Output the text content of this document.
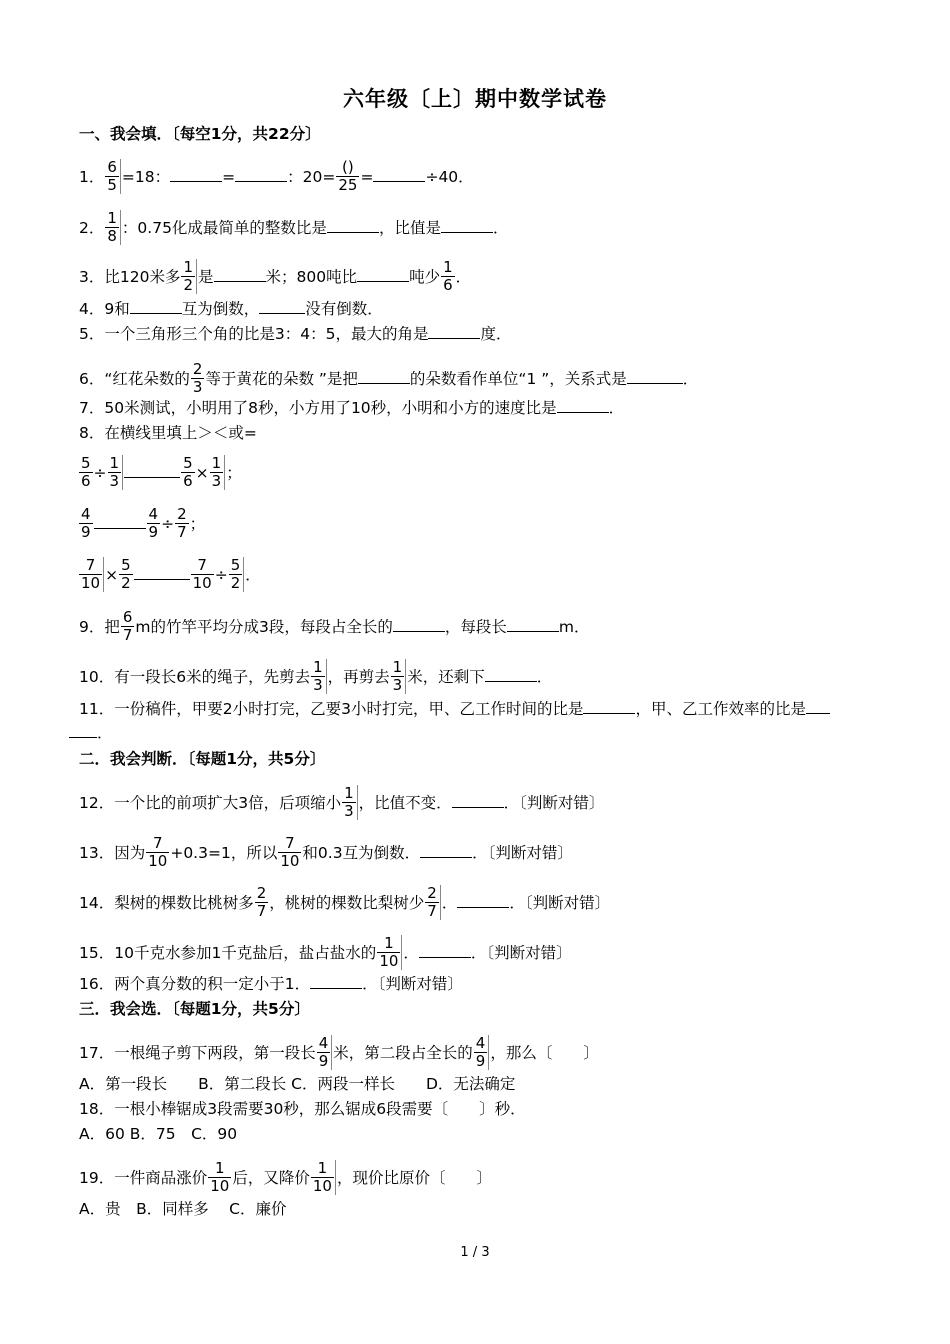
六年级〔上〕期中数学试卷
一、我会填．〔每空1分，共22分〕
1． $\frac{6}{5} =18$：	=	：20=
()
25 =	÷40．
2． $\frac{1}{8}$ ：0.75化成最简单的整数比是	，比值是	．
3．比120米多 $\frac{1}{2}$ 是	米；800吨比	吨少 $\frac{1}{6}$ ．
4．9和	互为倒数，	没有倒数．
5．一个三角形三个角的比是3：4：5，最大的角是	度．
6．“红花朵数的 $\frac{2}{3}$ 等于黄花的朵数 ”是把	的朵数看作单位“1 ”，关系式是	．
7．50米测试，小明用了8秒，小方用了10秒，小明和小方的速度比是	．
8．在横线里填上＞＜或=
$\frac{5}{6} \div \frac{1}{3}$	$\frac{5}{6} \times \frac{1}{3}$ ；
$\frac{4}{9}$	$\frac{4}{9} \div \frac{2}{7}$ ；
$\frac{7}{10} \times \frac{5}{2}$	$\frac{7}{10} \div \frac{5}{2}$ ．
9．把 $\frac{6}{7}$ m的竹竿平均分成3段，每段占全长的	，每段长	m．
10．有一段长6米的绳子，先剪去 $\frac{1}{3}$ ，再剪去 $\frac{1}{3}$ 米，还剩下	．
11．一份稿件，甲要2小时打完，乙要3小时打完，甲、乙工作时间的比是	，甲、乙工作效率的比是
．
二．我会判断．〔每题1分，共5分〕
12．一个比的前项扩大3倍，后项缩小 $\frac{1}{3}$ ，比值不变．	．〔判断对错〕
13．因为 $\frac{7}{10} +0.3=1$，所以 $\frac{7}{10}$ 和0.3互为倒数．	．〔判断对错〕
14．梨树的棵数比桃树多 $\frac{2}{7}$ ，桃树的棵数比梨树少 $\frac{2}{7}$ ．	．〔判断对错〕
15．10千克水参加1千克盐后，盐占盐水的 $\frac{1}{10}$ ．	．〔判断对错〕
16．两个真分数的积一定小于1．	．〔判断对错〕
三．我会选．〔每题1分，共5分〕
17．一根绳子剪下两段，第一段长 $\frac{4}{9}$ 米，第二段占全长的 $\frac{4}{9}$ ，那么〔　　〕
A．第一段长　　B．第二段长 C．两段一样长　　D．无法确定
18．一根小棒锯成3段需要30秒，那么锯成6段需要〔　　〕秒．
A．60 B．75　C．90
19．一件商品涨价 $\frac{1}{10}$ 后，又降价 $\frac{1}{10}$ ，现价比原价〔　　〕
A．贵　B．同样多　 C．廉价
1 / 3
